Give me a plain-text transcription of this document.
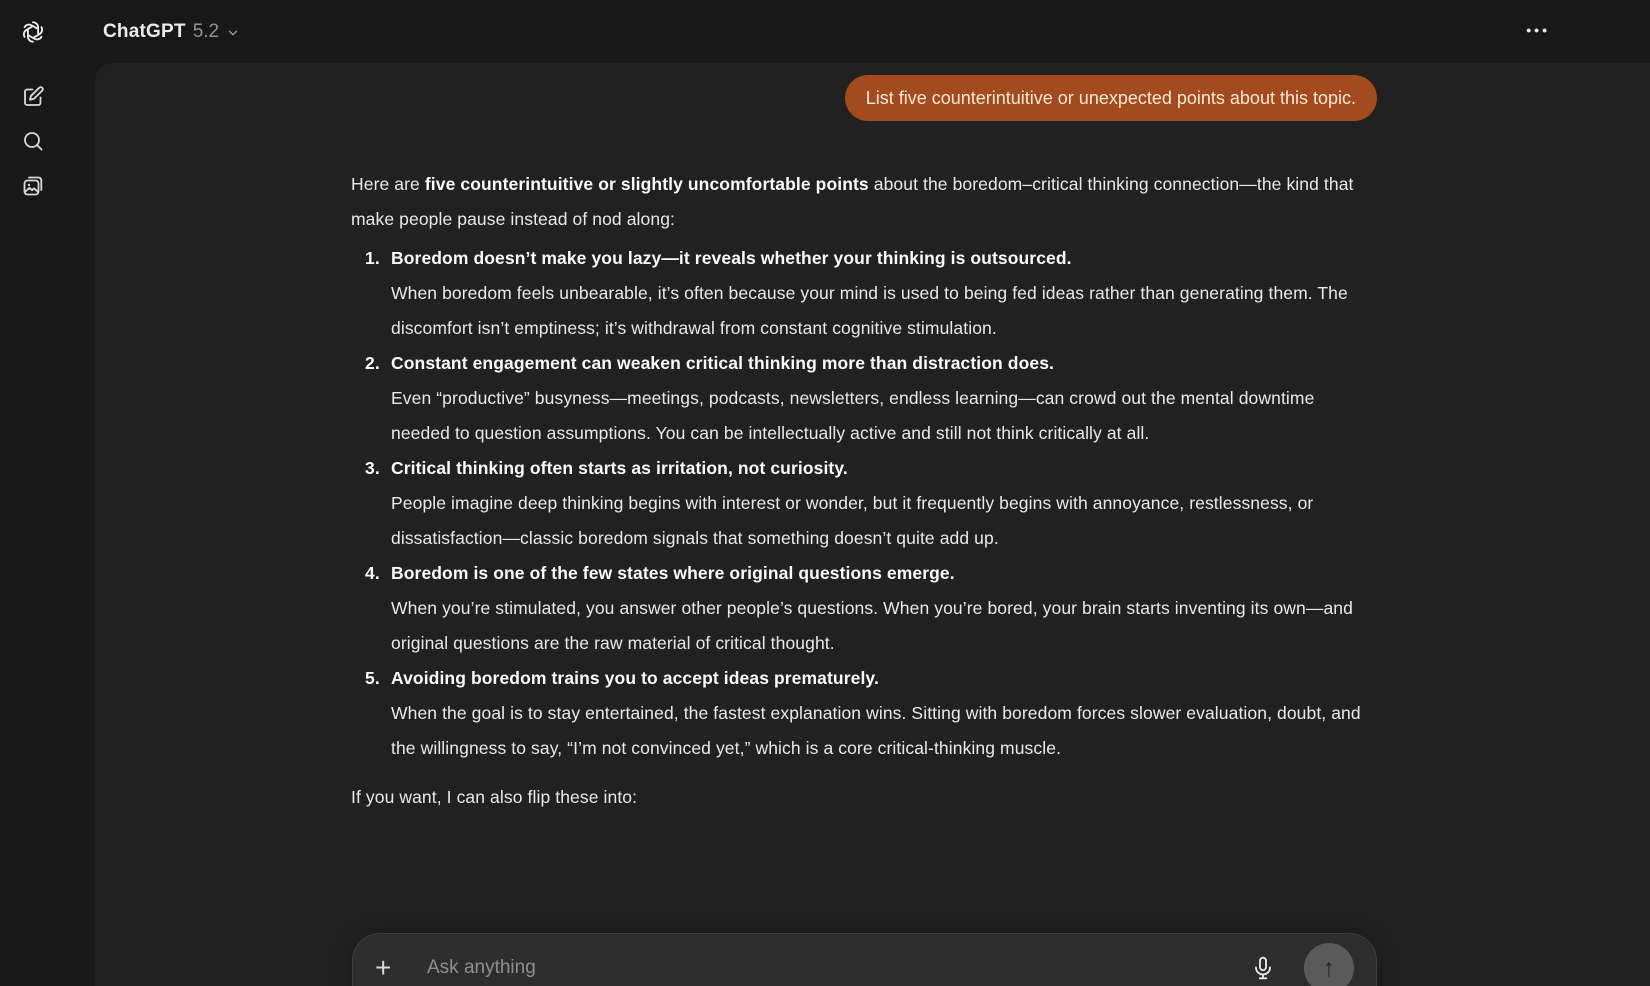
ChatGPT 5.2	•••
List five counterintuitive or unexpected points about this topic.

Here are five counterintuitive or slightly uncomfortable points about the boredom–critical thinking connection—the kind that make people pause instead of nod along:

1. Boredom doesn’t make you lazy—it reveals whether your thinking is outsourced.
When boredom feels unbearable, it’s often because your mind is used to being fed ideas rather than generating them. The discomfort isn’t emptiness; it’s withdrawal from constant cognitive stimulation.
2. Constant engagement can weaken critical thinking more than distraction does.
Even “productive” busyness—meetings, podcasts, newsletters, endless learning—can crowd out the mental downtime needed to question assumptions. You can be intellectually active and still not think critically at all.
3. Critical thinking often starts as irritation, not curiosity.
People imagine deep thinking begins with interest or wonder, but it frequently begins with annoyance, restlessness, or dissatisfaction—classic boredom signals that something doesn’t quite add up.
4. Boredom is one of the few states where original questions emerge.
When you’re stimulated, you answer other people’s questions. When you’re bored, your brain starts inventing its own—and original questions are the raw material of critical thought.
5. Avoiding boredom trains you to accept ideas prematurely.
When the goal is to stay entertained, the fastest explanation wins. Sitting with boredom forces slower evaluation, doubt, and the willingness to say, “I’m not convinced yet,” which is a core critical-thinking muscle.

If you want, I can also flip these into:

+
Ask anything	↑
